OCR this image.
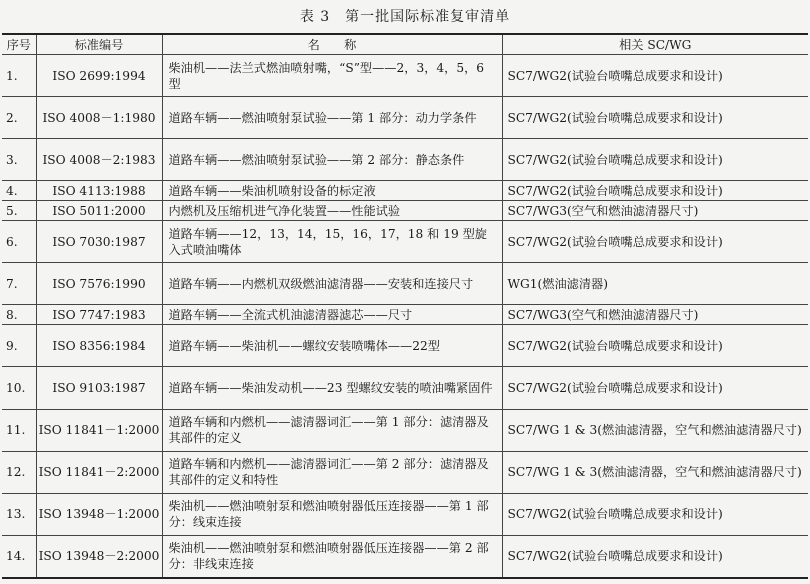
表 3　第一批国际标准复审清单
序号	标准编号	名　　称	相关 SC/WG
1.	ISO 2699:1994	柴油机——法兰式燃油喷射嘴，“S”型——2，3，4，5，6 型	SC7/WG2(试验台喷嘴总成要求和设计)
2.	ISO 4008－1:1980	道路车辆——燃油喷射泵试验——第 1 部分：动力学条件	SC7/WG2(试验台喷嘴总成要求和设计)
3.	ISO 4008－2:1983	道路车辆——燃油喷射泵试验——第 2 部分：静态条件	SC7/WG2(试验台喷嘴总成要求和设计)
4.	ISO 4113:1988	道路车辆——柴油机喷射设备的标定液	SC7/WG2(试验台喷嘴总成要求和设计)
5.	ISO 5011:2000	内燃机及压缩机进气净化装置——性能试验	SC7/WG3(空气和燃油滤清器尺寸)
6.	ISO 7030:1987	道路车辆——12，13，14，15，16，17，18 和 19 型旋入式喷油嘴体	SC7/WG2(试验台喷嘴总成要求和设计)
7.	ISO 7576:1990	道路车辆——内燃机双级燃油滤清器——安装和连接尺寸	WG1(燃油滤清器)
8.	ISO 7747:1983	道路车辆——全流式机油滤清器滤芯——尺寸	SC7/WG3(空气和燃油滤清器尺寸)
9.	ISO 8356:1984	道路车辆——柴油机——螺纹安装喷嘴体——22型	SC7/WG2(试验台喷嘴总成要求和设计)
10.	ISO 9103:1987	道路车辆——柴油发动机——23 型螺纹安装的喷油嘴紧固件	SC7/WG2(试验台喷嘴总成要求和设计)
11.	ISO 11841－1:2000	道路车辆和内燃机——滤清器词汇——第 1 部分：滤清器及其部件的定义	SC7/WG 1 & 3(燃油滤清器，空气和燃油滤清器尺寸)
12.	ISO 11841－2:2000	道路车辆和内燃机——滤清器词汇——第 2 部分：滤清器及其部件的定义和特性	SC7/WG 1 & 3(燃油滤清器，空气和燃油滤清器尺寸)
13.	ISO 13948－1:2000	柴油机——燃油喷射泵和燃油喷射器低压连接器——第 1 部分：线束连接	SC7/WG2(试验台喷嘴总成要求和设计)
14.	ISO 13948－2:2000	柴油机——燃油喷射泵和燃油喷射器低压连接器——第 2 部分：非线束连接	SC7/WG2(试验台喷嘴总成要求和设计)
